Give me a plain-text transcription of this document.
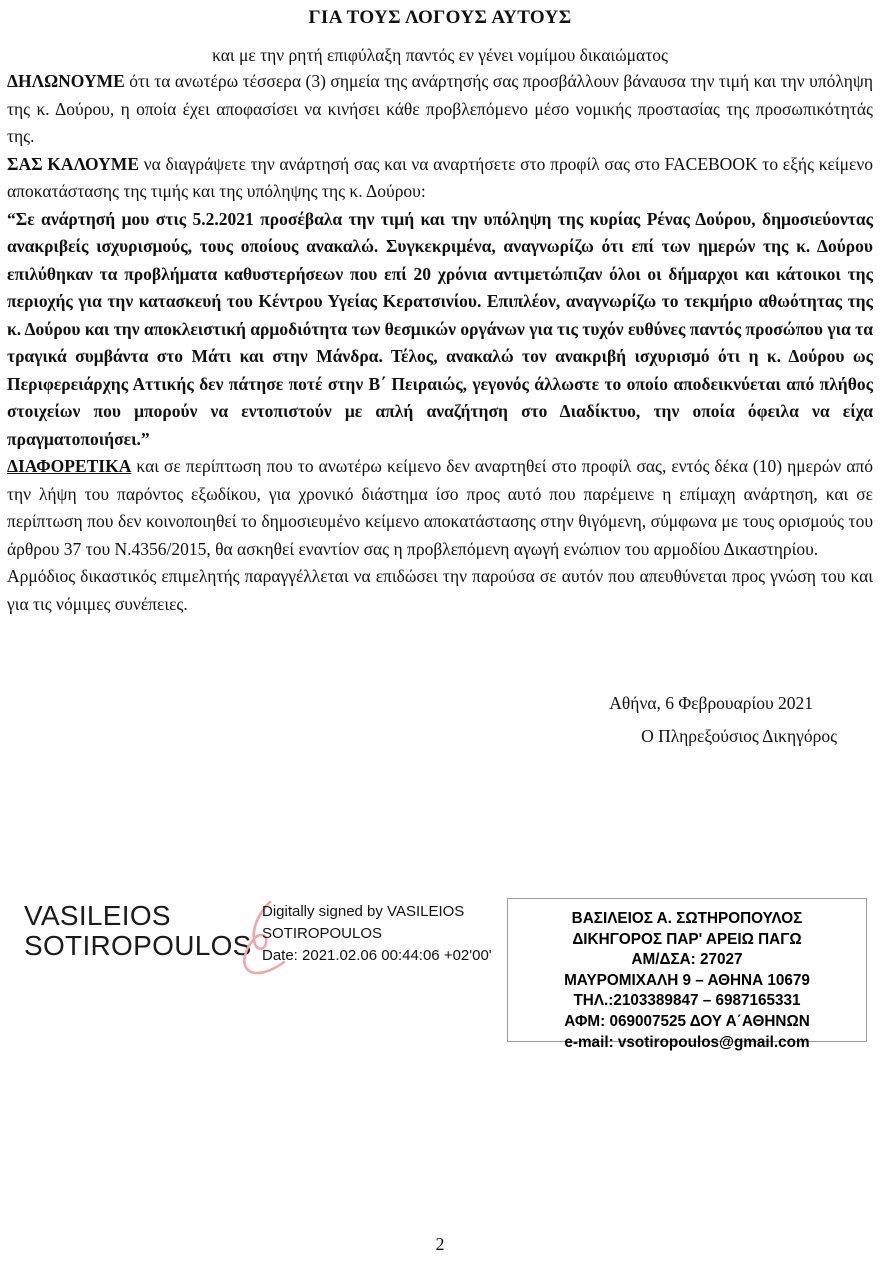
ΓΙΑ ΤΟΥΣ ΛΟΓΟΥΣ ΑΥΤΟΥΣ

και με την ρητή επιφύλαξη παντός εν γένει νομίμου δικαιώματος

ΔΗΛΩΝΟΥΜΕ ότι τα ανωτέρω τέσσερα (3) σημεία της ανάρτησής σας προσβάλλουν βάναυσα την τιμή και την υπόληψη της κ. Δούρου, η οποία έχει αποφασίσει να κινήσει κάθε προβλεπόμενο μέσο νομικής προστασίας της προσωπικότητάς της.

ΣΑΣ ΚΑΛΟΥΜΕ να διαγράψετε την ανάρτησή σας και να αναρτήσετε στο προφίλ σας στο FACEBOOK το εξής κείμενο αποκατάστασης της τιμής και της υπόληψης της κ. Δούρου:

“Σε ανάρτησή μου στις 5.2.2021 προσέβαλα την τιμή και την υπόληψη της κυρίας Ρένας Δούρου, δημοσιεύοντας ανακριβείς ισχυρισμούς, τους οποίους ανακαλώ. Συγκεκριμένα, αναγνωρίζω ότι επί των ημερών της κ. Δούρου επιλύθηκαν τα προβλήματα καθυστερήσεων που επί 20 χρόνια αντιμετώπιζαν όλοι οι δήμαρχοι και κάτοικοι της περιοχής για την κατασκευή του Κέντρου Υγείας Κερατσινίου. Επιπλέον, αναγνωρίζω το τεκμήριο αθωότητας της κ. Δούρου και την αποκλειστική αρμοδιότητα των θεσμικών οργάνων για τις τυχόν ευθύνες παντός προσώπου για τα τραγικά συμβάντα στο Μάτι και στην Μάνδρα. Τέλος, ανακαλώ τον ανακριβή ισχυρισμό ότι η κ. Δούρου ως Περιφερειάρχης Αττικής δεν πάτησε ποτέ στην Β΄ Πειραιώς, γεγονός άλλωστε το οποίο αποδεικνύεται από πλήθος στοιχείων που μπορούν να εντοπιστούν με απλή αναζήτηση στο Διαδίκτυο, την οποία όφειλα να είχα πραγματοποιήσει.”

ΔΙΑΦΟΡΕΤΙΚΑ και σε περίπτωση που το ανωτέρω κείμενο δεν αναρτηθεί στο προφίλ σας, εντός δέκα (10) ημερών από την λήψη του παρόντος εξωδίκου, για χρονικό διάστημα ίσο προς αυτό που παρέμεινε η επίμαχη ανάρτηση, και σε περίπτωση που δεν κοινοποιηθεί το δημοσιευμένο κείμενο αποκατάστασης στην θιγόμενη, σύμφωνα με τους ορισμούς του άρθρου 37 του Ν.4356/2015, θα ασκηθεί εναντίον σας η προβλεπόμενη αγωγή ενώπιον του αρμοδίου Δικαστηρίου.

Αρμόδιος δικαστικός επιμελητής παραγγέλλεται να επιδώσει την παρούσα σε αυτόν που απευθύνεται προς γνώση του και για τις νόμιμες συνέπειες.

Αθήνα, 6 Φεβρουαρίου 2021

Ο Πληρεξούσιος Δικηγόρος

VASILEIOS SOTIROPOULOS
Digitally signed by VASILEIOS SOTIROPOULOS
Date: 2021.02.06 00:44:06 +02'00'
ΒΑΣΙΛΕΙΟΣ Α. ΣΩΤΗΡΟΠΟΥΛΟΣ
ΔΙΚΗΓΟΡΟΣ ΠΑΡ' ΑΡΕΙΩ ΠΑΓΩ
ΑΜ/ΔΣΑ: 27027
ΜΑΥΡΟΜΙΧΑΛΗ 9 – ΑΘΗΝΑ 10679
ΤΗΛ.:2103389847 – 6987165331
ΑΦΜ: 069007525 ΔΟΥ Α΄ΑΘΗΝΩΝ
e-mail: vsotiropoulos@gmail.com
2
